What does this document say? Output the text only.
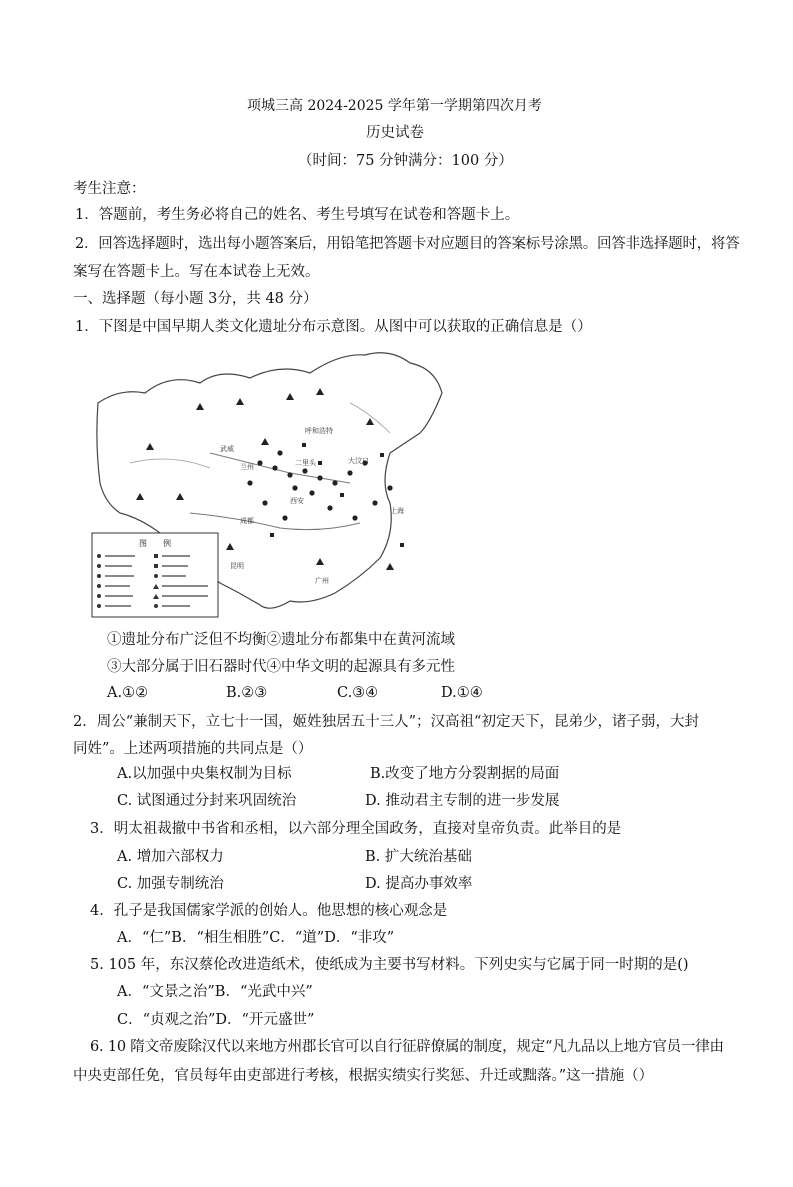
项城三高 2024-2025 学年第一学期第四次月考
历史试卷
（时间：75 分钟满分：100 分）
考生注意：
1．答题前，考生务必将自己的姓名、考生号填写在试卷和答题卡上。
2．回答选择题时，选出每小题答案后，用铅笔把答题卡对应题目的答案标号涂黑。回答非选择题时，将答
案写在答题卡上。写在本试卷上无效。
一、选择题（每小题 3分，共 48 分）
1．下图是中国早期人类文化遗址分布示意图。从图中可以获取的正确信息是（）
武威
呼和浩特
兰州
西安
成都
昆明
广州
上海
大汶口
二里头
图　　例
①遗址分布广泛但不均衡②遗址分布都集中在黄河流域
③大部分属于旧石器时代④中华文明的起源具有多元性
A.①②	B.②③	C.③④	D.①④
2．周公“兼制天下，立七十一国，姬姓独居五十三人”；汉高祖“初定天下，昆弟少，诸子弱，大封
同姓”。上述两项措施的共同点是（）
A.以加强中央集权制为目标	B.改变了地方分裂割据的局面
C. 试图通过分封来巩固统治	D. 推动君主专制的进一步发展
3．明太祖裁撤中书省和丞相，以六部分理全国政务，直接对皇帝负责。此举目的是
A. 增加六部权力	B. 扩大统治基础
C. 加强专制统治	D. 提高办事效率
4．孔子是我国儒家学派的创始人。他思想的核心观念是
A．“仁”B．“相生相胜”C．“道”D．“非攻”
5. 105 年，东汉蔡伦改进造纸术，使纸成为主要书写材料。下列史实与它属于同一时期的是()
A．“文景之治”B．“光武中兴”
C．“贞观之治”D．“开元盛世”
6. 10 隋文帝废除汉代以来地方州郡长官可以自行征辟僚属的制度，规定“凡九品以上地方官员一律由
中央吏部任免，官员每年由吏部进行考核，根据实绩实行奖惩、升迁或黜落。”这一措施（）
